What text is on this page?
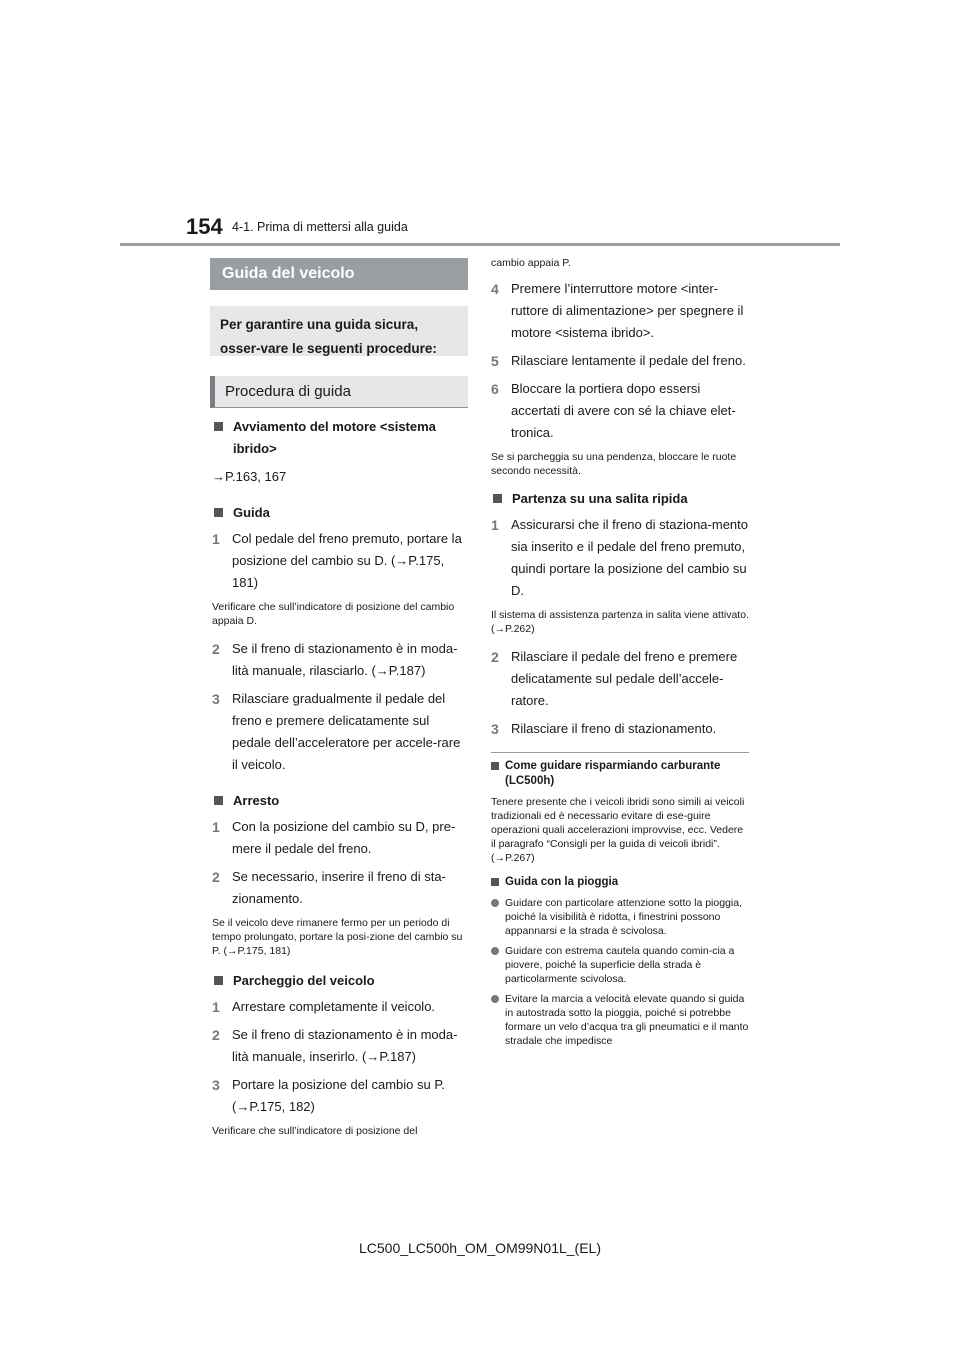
154 4-1. Prima di mettersi alla guida
Guida del veicolo
Per garantire una guida sicura, osser-vare le seguenti procedure:
Procedura di guida
Avviamento del motore <sistema ibrido>
→P.163, 167
Guida
1 Col pedale del freno premuto, portare la posizione del cambio su D. (→P.175, 181)
Verificare che sull’indicatore di posizione del cambio appaia D.
2 Se il freno di stazionamento è in moda-lità manuale, rilasciarlo. (→P.187)
3 Rilasciare gradualmente il pedale del freno e premere delicatamente sul pedale dell’acceleratore per accele-rare il veicolo.
Arresto
1 Con la posizione del cambio su D, pre-mere il pedale del freno.
2 Se necessario, inserire il freno di sta-zionamento.
Se il veicolo deve rimanere fermo per un periodo di tempo prolungato, portare la posi-zione del cambio su P. (→P.175, 181)
Parcheggio del veicolo
1 Arrestare completamente il veicolo.
2 Se il freno di stazionamento è in moda-lità manuale, inserirlo. (→P.187)
3 Portare la posizione del cambio su P. (→P.175, 182)
Verificare che sull’indicatore di posizione del
cambio appaia P.
4 Premere l’interruttore motore <inter-ruttore di alimentazione> per spegnere il motore <sistema ibrido>.
5 Rilasciare lentamente il pedale del freno.
6 Bloccare la portiera dopo essersi accertati di avere con sé la chiave elet-tronica.
Se si parcheggia su una pendenza, bloccare le ruote secondo necessità.
Partenza su una salita ripida
1 Assicurarsi che il freno di staziona-mento sia inserito e il pedale del freno premuto, quindi portare la posizione del cambio su D.
Il sistema di assistenza partenza in salita viene attivato. (→P.262)
2 Rilasciare il pedale del freno e premere delicatamente sul pedale dell’accele-ratore.
3 Rilasciare il freno di stazionamento.
Come guidare risparmiando carburante (LC500h)
Tenere presente che i veicoli ibridi sono simili ai veicoli tradizionali ed è necessario evitare di ese-guire operazioni quali accelerazioni improvvise, ecc. Vedere il paragrafo “Consigli per la guida di veicoli ibridi”. (→P.267)
Guida con la pioggia
Guidare con particolare attenzione sotto la pioggia, poiché la visibilità è ridotta, i finestrini possono appannarsi e la strada è scivolosa.
Guidare con estrema cautela quando comin-cia a piovere, poiché la superficie della strada è particolarmente scivolosa.
Evitare la marcia a velocità elevate quando si guida in autostrada sotto la pioggia, poiché si potrebbe formare un velo d’acqua tra gli pneumatici e il manto stradale che impedisce
LC500_LC500h_OM_OM99N01L_(EL)
